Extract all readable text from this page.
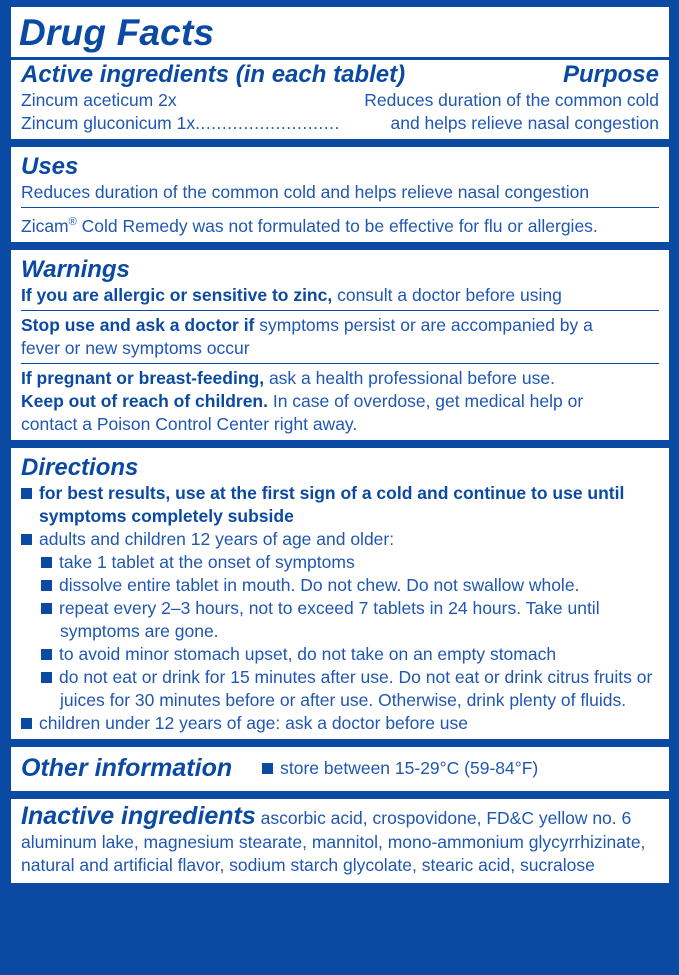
Drug Facts
Active ingredients (in each tablet)	Purpose
Zincum aceticum 2x	Reduces duration of the common cold
Zincum gluconicum 1x ...........................	and helps relieve nasal congestion
Uses
Reduces duration of the common cold and helps relieve nasal congestion
Zicam® Cold Remedy was not formulated to be effective for flu or allergies.
Warnings
If you are allergic or sensitive to zinc, consult a doctor before using
Stop use and ask a doctor if symptoms persist or are accompanied by a
fever or new symptoms occur
If pregnant or breast-feeding, ask a health professional before use.
Keep out of reach of children. In case of overdose, get medical help or
contact a Poison Control Center right away.
Directions
for best results, use at the first sign of a cold and continue to use until
symptoms completely subside
adults and children 12 years of age and older:
take 1 tablet at the onset of symptoms
dissolve entire tablet in mouth. Do not chew. Do not swallow whole.
repeat every 2–3 hours, not to exceed 7 tablets in 24 hours. Take until
symptoms are gone.
to avoid minor stomach upset, do not take on an empty stomach
do not eat or drink for 15 minutes after use. Do not eat or drink citrus fruits or
juices for 30 minutes before or after use. Otherwise, drink plenty of fluids.
children under 12 years of age: ask a doctor before use
Other information	store between 15-29°C (59-84°F)
Inactive ingredients ascorbic acid, crospovidone, FD&C yellow no. 6
aluminum lake, magnesium stearate, mannitol, mono-ammonium glycyrrhizinate,
natural and artificial flavor, sodium starch glycolate, stearic acid, sucralose
